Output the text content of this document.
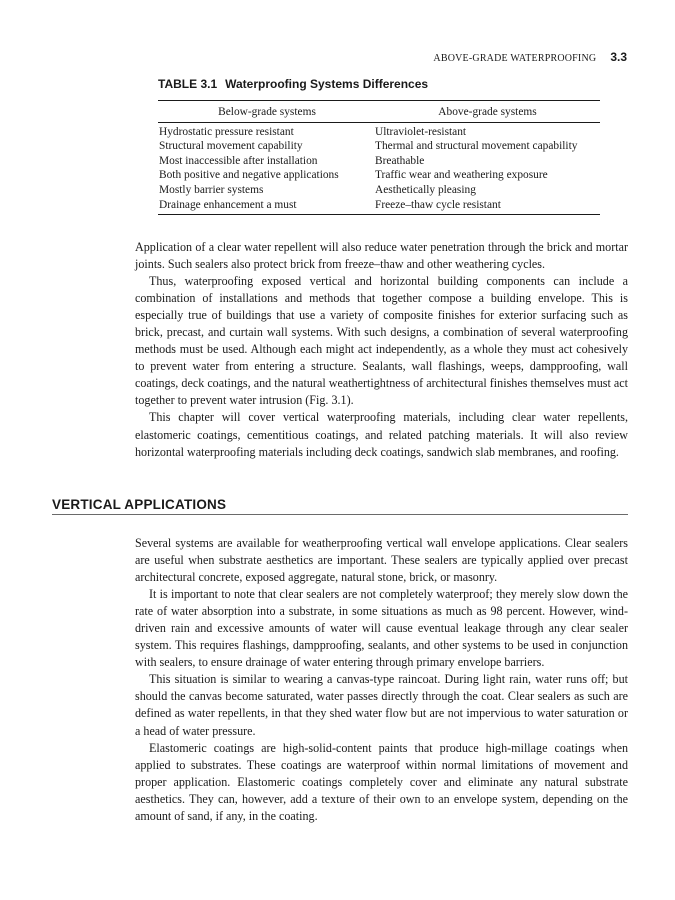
ABOVE-GRADE WATERPROOFING 3.3
TABLE 3.1 Waterproofing Systems Differences
Below-grade systems	Above-grade systems
Hydrostatic pressure resistant	Ultraviolet-resistant
Structural movement capability	Thermal and structural movement capability
Most inaccessible after installation	Breathable
Both positive and negative applications	Traffic wear and weathering exposure
Mostly barrier systems	Aesthetically pleasing
Drainage enhancement a must	Freeze–thaw cycle resistant

Application of a clear water repellent will also reduce water penetration through the brick and mortar joints. Such sealers also protect brick from freeze–thaw and other weathering cycles.

Thus, waterproofing exposed vertical and horizontal building components can include a combination of installations and methods that together compose a building envelope. This is especially true of buildings that use a variety of composite finishes for exterior surfacing such as brick, precast, and curtain wall systems. With such designs, a combination of several waterproofing methods must be used. Although each might act independently, as a whole they must act cohesively to prevent water from entering a structure. Sealants, wall flashings, weeps, dampproofing, wall coatings, deck coatings, and the natural weathertightness of architectural finishes themselves must act together to prevent water intrusion (Fig. 3.1).

This chapter will cover vertical waterproofing materials, including clear water repellents, elastomeric coatings, cementitious coatings, and related patching materials. It will also review horizontal waterproofing materials including deck coatings, sandwich slab membranes, and roofing.

VERTICAL APPLICATIONS

Several systems are available for weatherproofing vertical wall envelope applications. Clear sealers are useful when substrate aesthetics are important. These sealers are typically applied over precast architectural concrete, exposed aggregate, natural stone, brick, or masonry.

It is important to note that clear sealers are not completely waterproof; they merely slow down the rate of water absorption into a substrate, in some situations as much as 98 percent. However, wind-driven rain and excessive amounts of water will cause eventual leakage through any clear sealer system. This requires flashings, dampproofing, sealants, and other systems to be used in conjunction with sealers, to ensure drainage of water entering through primary envelope barriers.

This situation is similar to wearing a canvas-type raincoat. During light rain, water runs off; but should the canvas become saturated, water passes directly through the coat. Clear sealers as such are defined as water repellents, in that they shed water flow but are not impervious to water saturation or a head of water pressure.

Elastomeric coatings are high-solid-content paints that produce high-millage coatings when applied to substrates. These coatings are waterproof within normal limitations of movement and proper application. Elastomeric coatings completely cover and eliminate any natural substrate aesthetics. They can, however, add a texture of their own to an envelope system, depending on the amount of sand, if any, in the coating.
